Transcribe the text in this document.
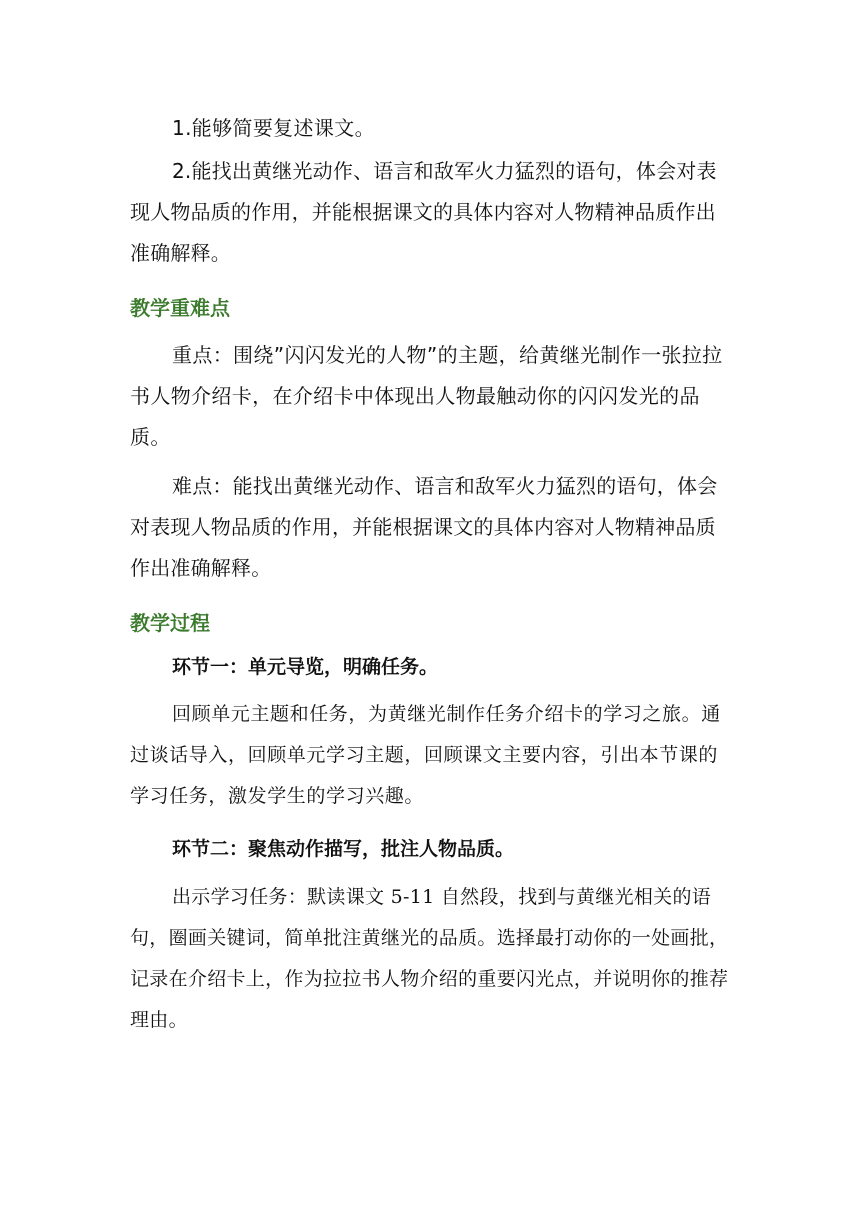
1.能够简要复述课文。

2.能找出黄继光动作、语言和敌军火力猛烈的语句，体会对表现人物品质的作用，并能根据课文的具体内容对人物精神品质作出准确解释。

教学重难点

重点：围绕”闪闪发光的人物”的主题，给黄继光制作一张拉拉书人物介绍卡，在介绍卡中体现出人物最触动你的闪闪发光的品质。

难点：能找出黄继光动作、语言和敌军火力猛烈的语句，体会对表现人物品质的作用，并能根据课文的具体内容对人物精神品质作出准确解释。

教学过程
环节一：单元导览，明确任务。

回顾单元主题和任务，为黄继光制作任务介绍卡的学习之旅。通过谈话导入，回顾单元学习主题，回顾课文主要内容，引出本节课的学习任务，激发学生的学习兴趣。

环节二：聚焦动作描写，批注人物品质。

出示学习任务：默读课文 5-11 自然段，找到与黄继光相关的语句，圈画关键词，简单批注黄继光的品质。选择最打动你的一处画批，记录在介绍卡上，作为拉拉书人物介绍的重要闪光点，并说明你的推荐理由。
